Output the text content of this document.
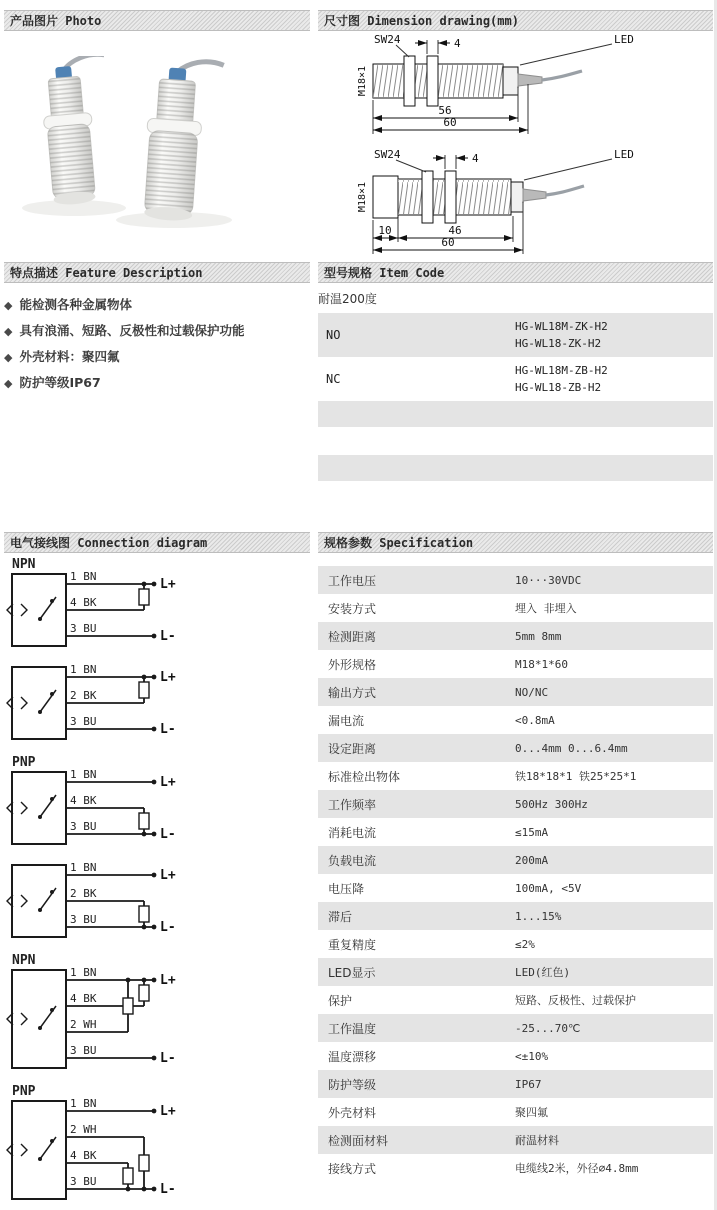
产品图片 Photo	尺寸图 Dimension drawing(mm)
SW24	4	LED
M18×1
56
60
SW24	4	LED
M18×1
10	46
60
特点描述 Feature Description	型号规格 Item Code
◆ 能检测各种金属物体
◆ 具有浪涌、短路、反极性和过载保护功能
◆ 外壳材料：聚四氟
◆ 防护等级IP67
耐温200度
NO
HG-WL18M-ZK-H2
HG-WL18-ZK-H2
NC
HG-WL18M-ZB-H2
HG-WL18-ZB-H2
电气接线图 Connection diagram	规格参数 Specification
NPN
1 BN
4 BK
3 BU
L+
L-
1 BN
2 BK
3 BU
L+
L-
PNP
1 BN
4 BK
3 BU
L+
L-
1 BN
2 BK
3 BU
L+
L-
NPN
1 BN
4 BK
2 WH
3 BU
L+
L-
PNP
1 BN
2 WH
4 BK
3 BU
L+
L-
工作电压	10···30VDC
安装方式	埋入 非埋入
检测距离	5mm 8mm
外形规格	M18*1*60
输出方式	NO/NC
漏电流	<0.8mA
设定距离	0...4mm 0...6.4mm
标准检出物体	铁18*18*1 铁25*25*1
工作频率	500Hz 300Hz
消耗电流	≤15mA
负载电流	200mA
电压降	100mA, <5V
滞后	1...15%
重复精度	≤2%
LED显示	LED(红色)
保护	短路、反极性、过载保护
工作温度	-25...70℃
温度漂移	<±10%
防护等级	IP67
外壳材料	聚四氟
检测面材料	耐温材料
接线方式	电缆线2米，外径∅4.8mm
